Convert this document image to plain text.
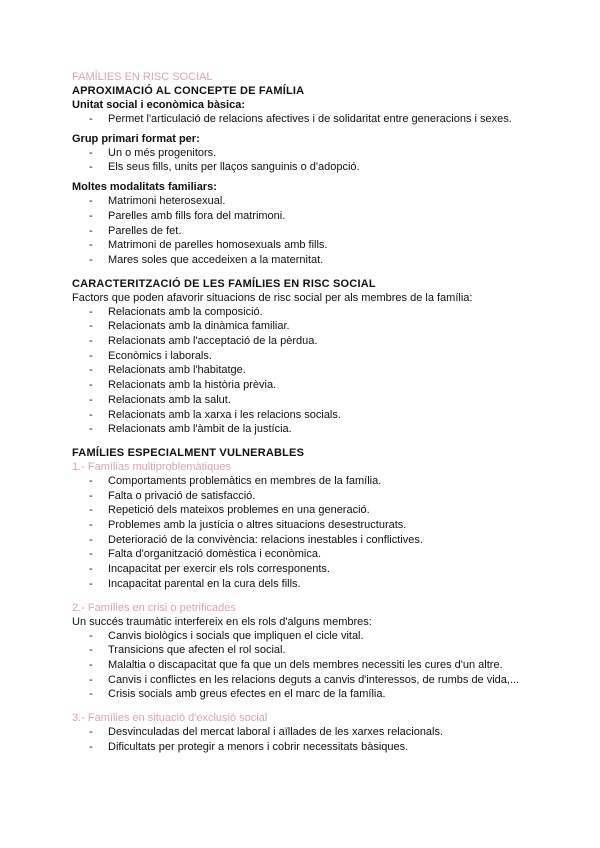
FAMÍLIES EN RISC SOCIAL
APROXIMACIÓ AL CONCEPTE DE FAMÍLIA
Unitat social i econòmica bàsica:
- Permet l'articulació de relacions afectives i de solidaritat entre generacions i sexes.
Grup primari format per:
- Un o més progenitors.
- Els seus fills, units per llaços sanguinis o d'adopció.
Moltes modalitats familiars:
- Matrimoni heterosexual.
- Parelles amb fills fora del matrimoni.
- Parelles de fet.
- Matrimoni de parelles homosexuals amb fills.
- Mares soles que accedeixen a la maternitat.
CARACTERITZACIÓ DE LES FAMÍLIES EN RISC SOCIAL
Factors que poden afavorir situacions de risc social per als membres de la família:
- Relacionats amb la composició.
- Relacionats amb la dinàmica familiar.
- Relacionats amb l'acceptació de la pèrdua.
- Econòmics i laborals.
- Relacionats amb l'habitatge.
- Relacionats amb la història prèvia.
- Relacionats amb la salut.
- Relacionats amb la xarxa i les relacions socials.
- Relacionats amb l'àmbit de la justícia.
FAMÍLIES ESPECIALMENT VULNERABLES
1.- Famílias multiproblemàtiques
- Comportaments problemàtics en membres de la família.
- Falta o privació de satisfacció.
- Repetició dels mateixos problemes en una generació.
- Problemes amb la justícia o altres situacions desestructurats.
- Deterioració de la convivència: relacions inestables i conflictives.
- Falta d'organització domèstica i econòmica.
- Incapacitat per exercir els rols corresponents.
- Incapacitat parental en la cura dels fills.
2.- Famílies en crisi o petrificades
Un succés traumàtic interfereix en els rols d'alguns membres:
- Canvis biològics i socials que impliquen el cicle vital.
- Transicions que afecten el rol social.
- Malaltia o discapacitat que fa que un dels membres necessiti les cures d'un altre.
- Canvis i conflictes en les relacions deguts a canvis d'interessos, de rumbs de vida,...
- Crisis socials amb greus efectes en el marc de la família.
3.- Famílies en situació d'exclusió social
- Desvinculadas del mercat laboral i aïllades de les xarxes relacionals.
- Dificultats per protegir a menors i cobrir necessitats bàsiques.
